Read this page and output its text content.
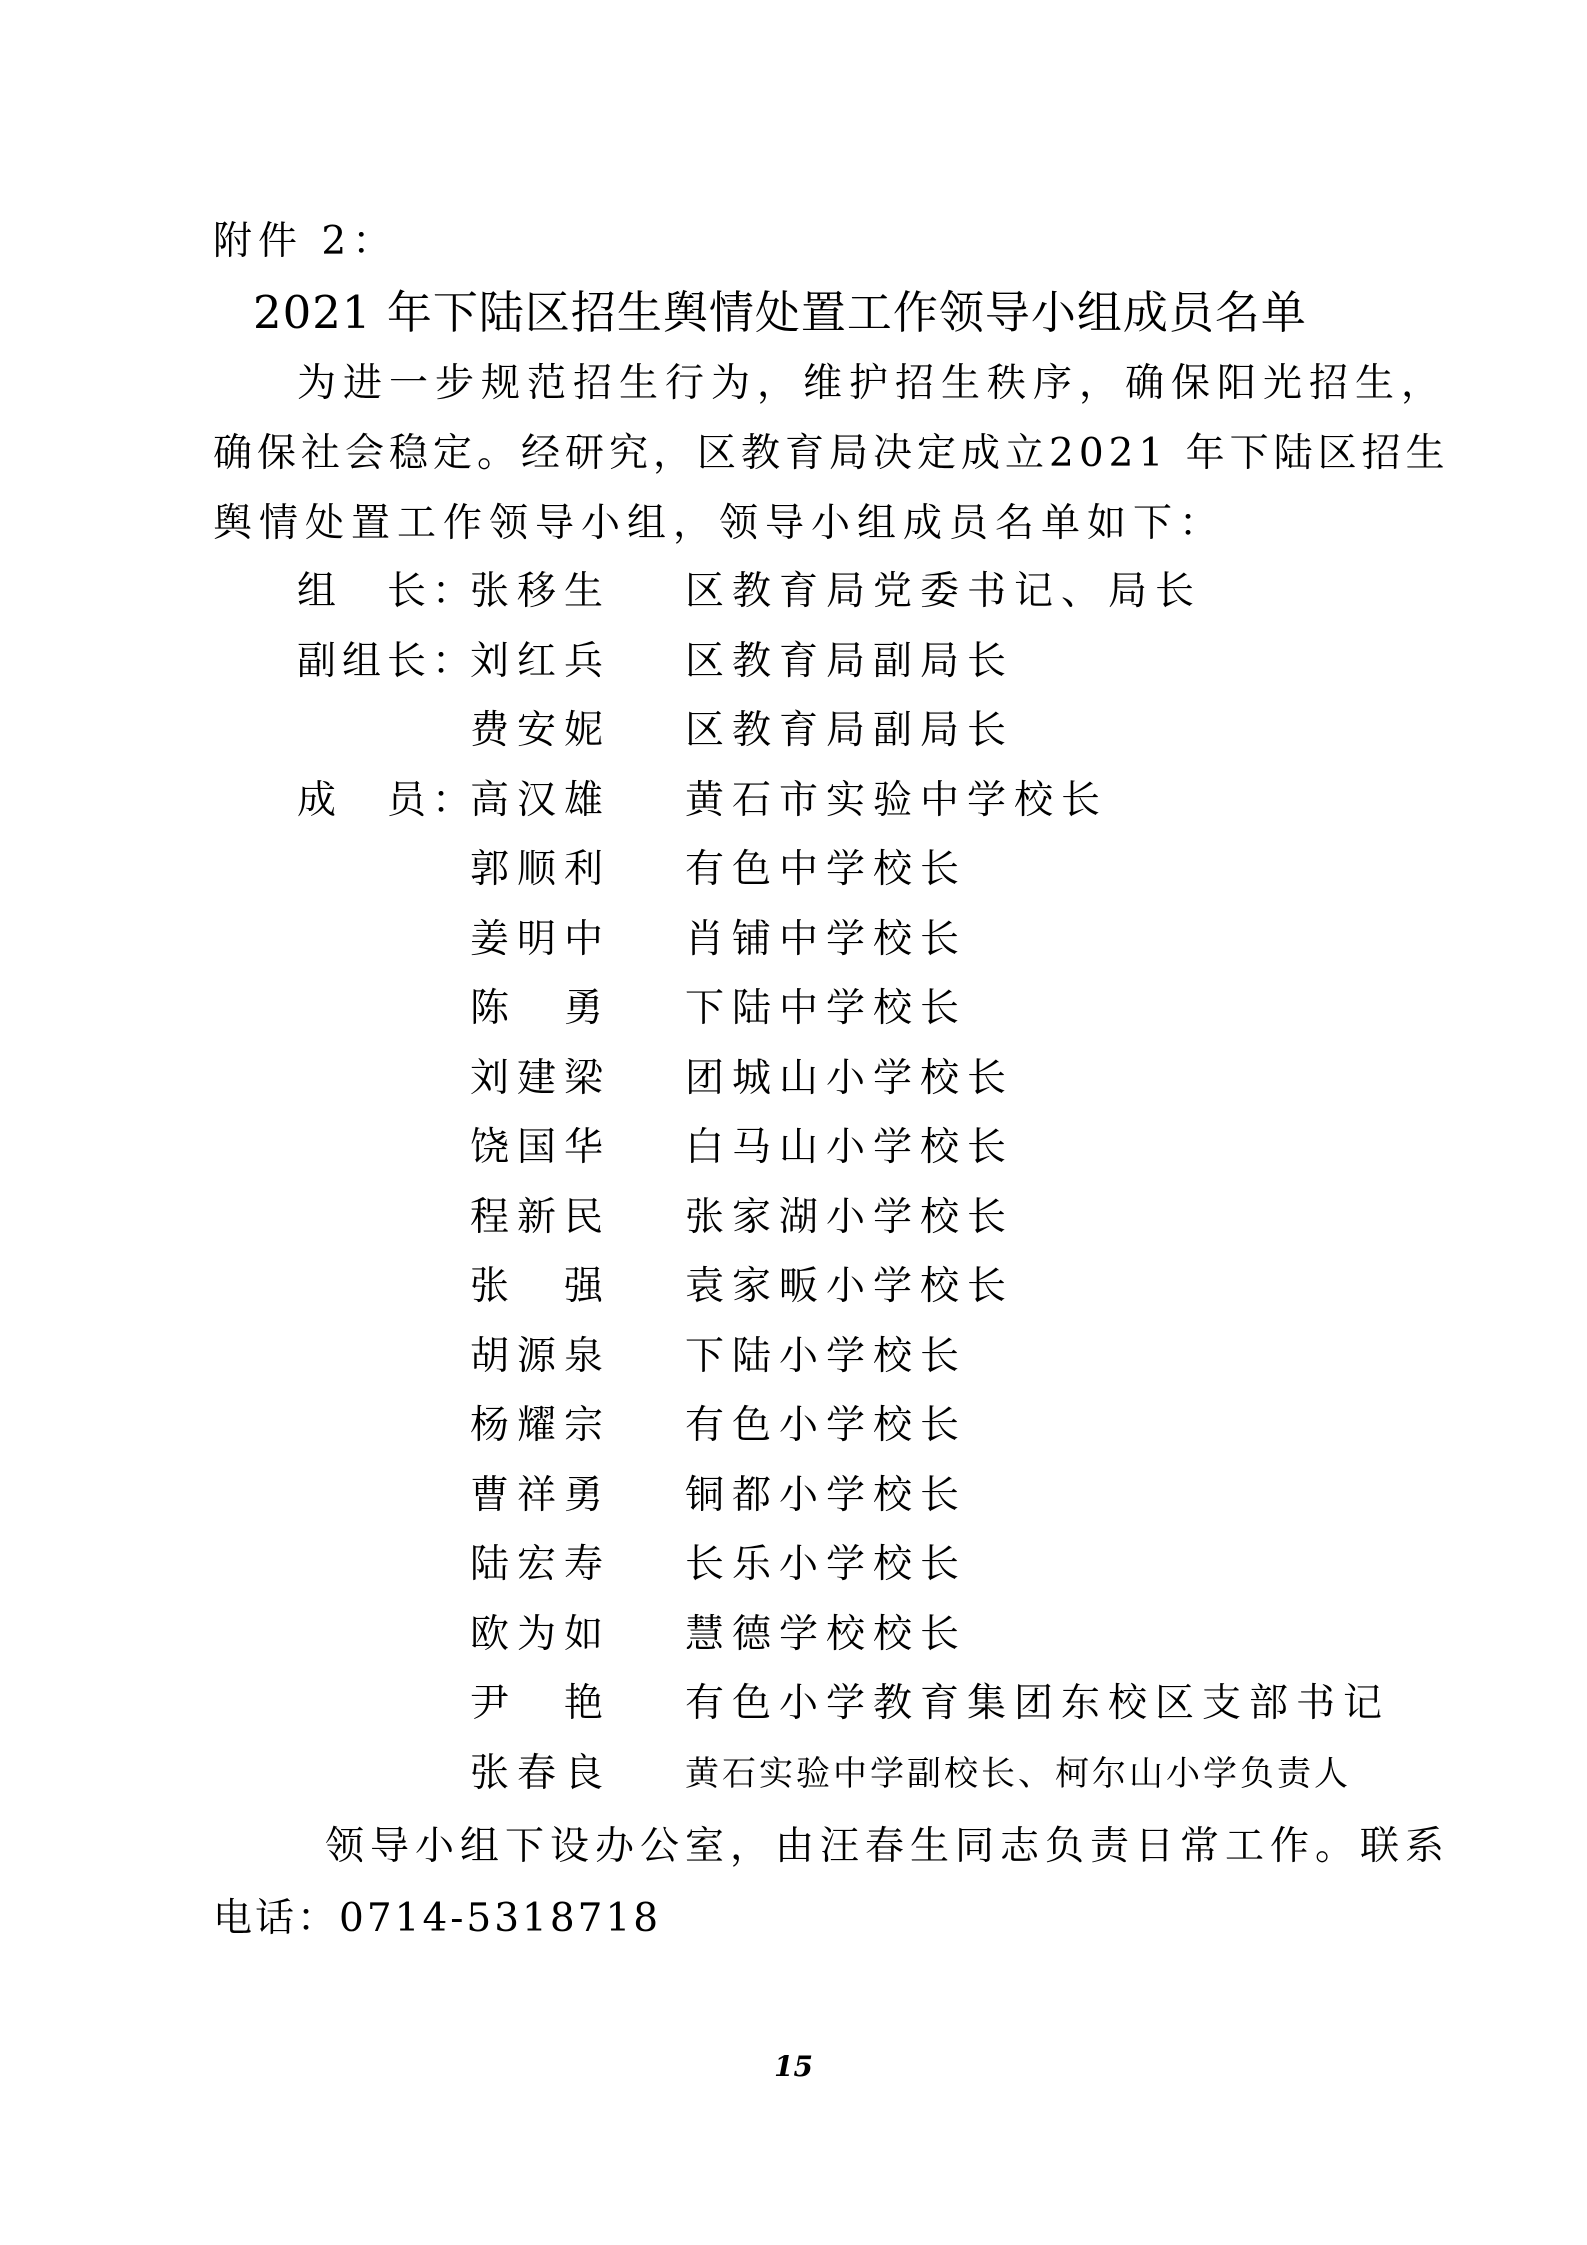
附件 2：
2021 年下陆区招生舆情处置工作领导小组成员名单
为进一步规范招生行为，维护招生秩序，确保阳光招生，
确保社会稳定。经研究，区教育局决定成立2021 年下陆区招生
舆情处置工作领导小组，领导小组成员名单如下：
组　长：
张移生 区教育局党委书记、局长
副组长：
刘红兵 区教育局副局长
费安妮 区教育局副局长
成　员：
高汉雄 黄石市实验中学校长
郭顺利 有色中学校长
姜明中 肖铺中学校长
陈　勇 下陆中学校长
刘建梁 团城山小学校长
饶国华 白马山小学校长
程新民 张家湖小学校长
张　强 袁家畈小学校长
胡源泉 下陆小学校长
杨耀宗 有色小学校长
曹祥勇 铜都小学校长
陆宏寿 长乐小学校长
欧为如 慧德学校校长
尹　艳 有色小学教育集团东校区支部书记
张春良 黄石实验中学副校长、柯尔山小学负责人
领导小组下设办公室，由汪春生同志负责日常工作。联系
电话：0714-5318718
15
